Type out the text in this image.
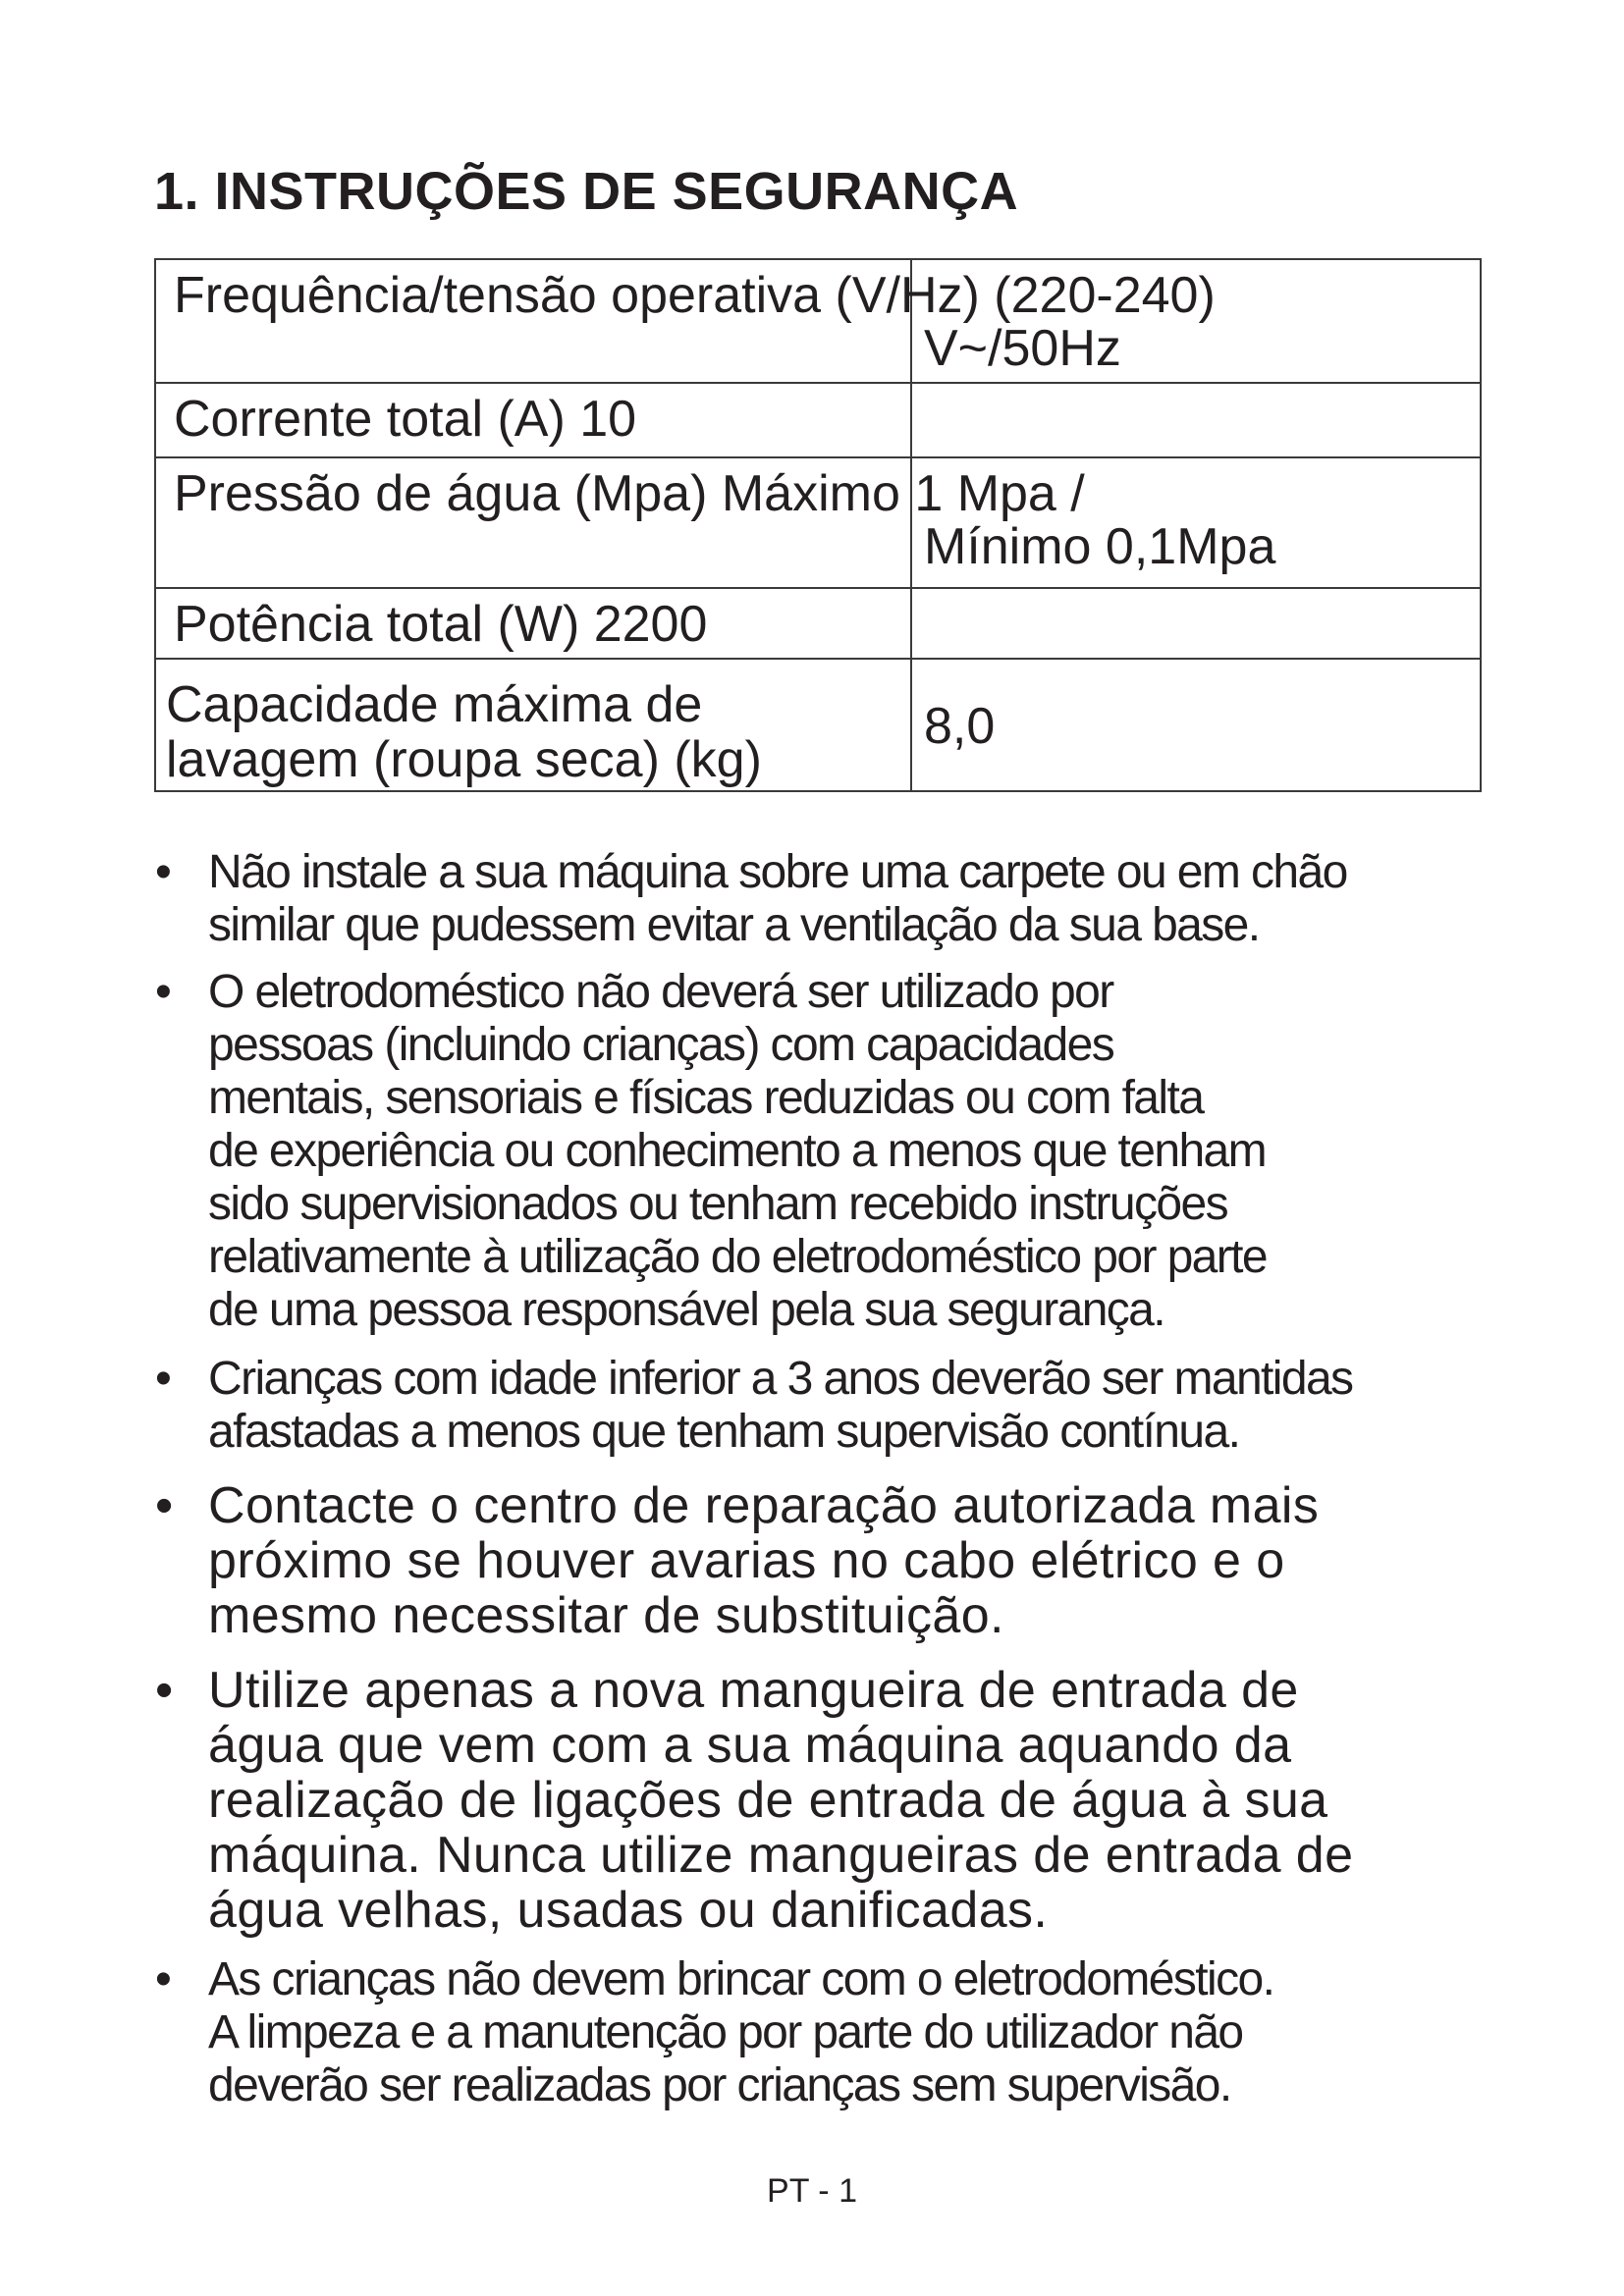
1. INSTRUÇÕES DE SEGURANÇA
Frequência/tensão operativa (V/Hz) (220-240)	V~/50Hz

Corrente total (A) 10	

Pressão de água (Mpa) Máximo 1 Mpa /	Mínimo 0,1Mpa

Potência total (W) 2200	

Capacidade máxima de
lavagem (roupa seca) (kg)	8,0
• Não instale a sua máquina sobre uma carpete ou em chão
similar que pudessem evitar a ventilação da sua base.
• O eletrodoméstico não deverá ser utilizado por
pessoas (incluindo crianças) com capacidades
mentais, sensoriais e físicas reduzidas ou com falta
de experiência ou conhecimento a menos que tenham
sido supervisionados ou tenham recebido instruções
relativamente à utilização do eletrodoméstico por parte
de uma pessoa responsável pela sua segurança.
• Crianças com idade inferior a 3 anos deverão ser mantidas
afastadas a menos que tenham supervisão contínua.
• Contacte o centro de reparação autorizada mais
próximo se houver avarias no cabo elétrico e o
mesmo necessitar de substituição.
• Utilize apenas a nova mangueira de entrada de
água que vem com a sua máquina aquando da
realização de ligações de entrada de água à sua
máquina. Nunca utilize mangueiras de entrada de
água velhas, usadas ou danificadas.
• As crianças não devem brincar com o eletrodoméstico.
A limpeza e a manutenção por parte do utilizador não
deverão ser realizadas por crianças sem supervisão.
PT - 1
